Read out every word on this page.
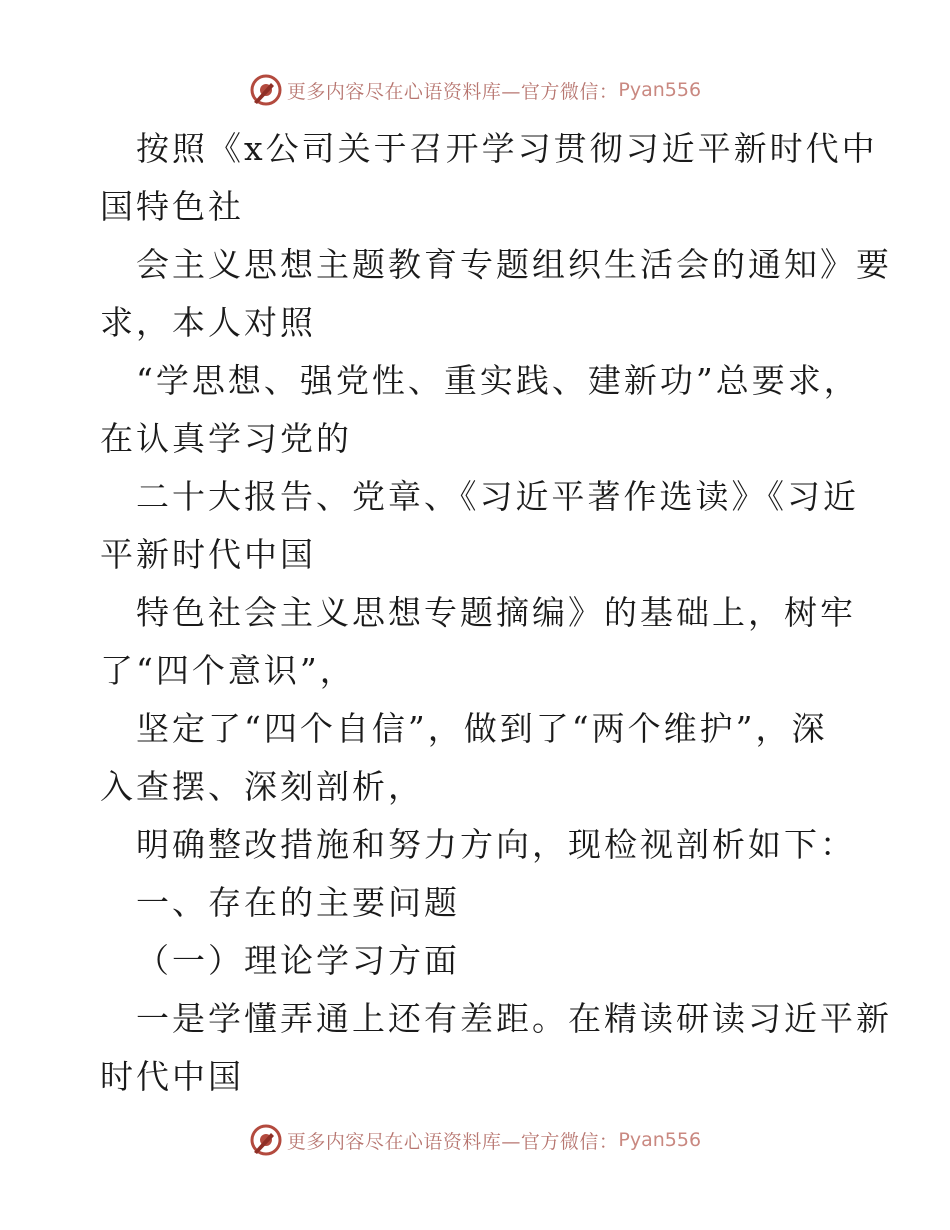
更多内容尽在心语资料库—官方微信： Pyan556
按照《x公司关于召开学习贯彻习近平新时代中
国特色社
会主义思想主题教育专题组织生活会的通知》要
求，本人对照
“学思想、强党性、重实践、建新功”总要求，
在认真学习党的
二十大报告、党章、《习近平著作选读》《习近
平新时代中国
特色社会主义思想专题摘编》的基础上，树牢
了“四个意识”，
坚定了“四个自信”，做到了“两个维护”，深
入查摆、深刻剖析，
明确整改措施和努力方向，现检视剖析如下：
一、存在的主要问题
（一）理论学习方面
一是学懂弄通上还有差距。在精读研读习近平新
时代中国
更多内容尽在心语资料库—官方微信： Pyan556
